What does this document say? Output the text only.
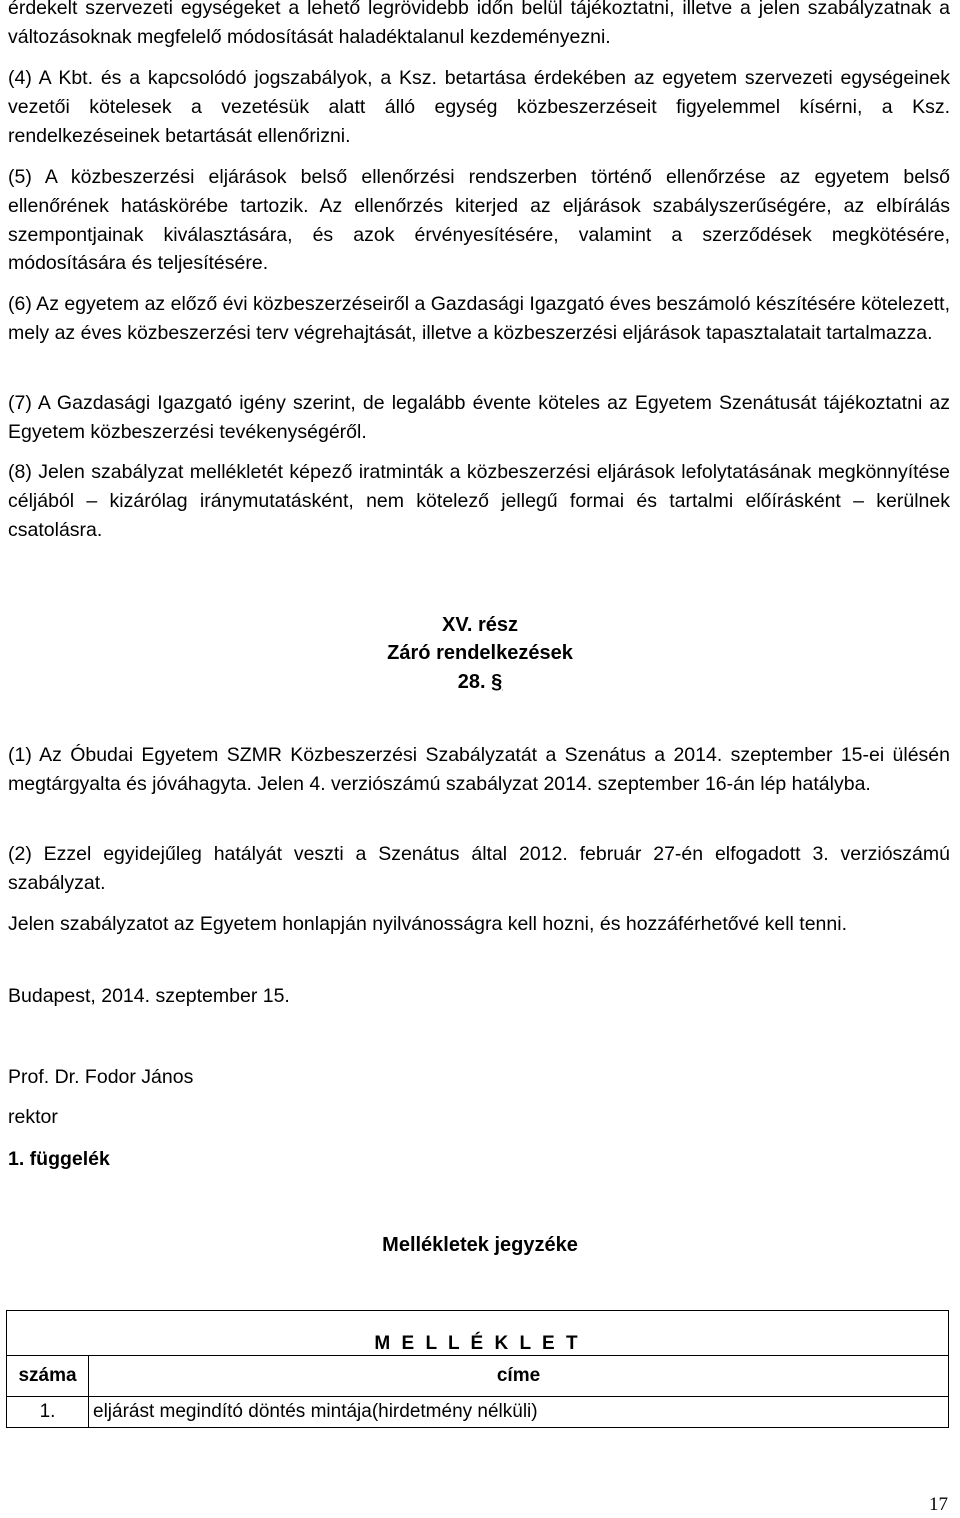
érdekelt szervezeti egységeket a lehető legrövidebb időn belül tájékoztatni, illetve a jelen szabályzatnak a változásoknak megfelelő módosítását haladéktalanul kezdeményezni.

(4) A Kbt. és a kapcsolódó jogszabályok, a Ksz. betartása érdekében az egyetem szervezeti egységeinek vezetői kötelesek a vezetésük alatt álló egység közbeszerzéseit figyelemmel kísérni, a Ksz. rendelkezéseinek betartását ellenőrizni.

(5) A közbeszerzési eljárások belső ellenőrzési rendszerben történő ellenőrzése az egyetem belső ellenőrének hatáskörébe tartozik. Az ellenőrzés kiterjed az eljárások szabályszerűségére, az elbírálás szempontjainak kiválasztására, és azok érvényesítésére, valamint a szerződések megkötésére, módosítására és teljesítésére.

(6) Az egyetem az előző évi közbeszerzéseiről a Gazdasági Igazgató éves beszámoló készítésére kötelezett, mely az éves közbeszerzési terv végrehajtását, illetve a közbeszerzési eljárások tapasztalatait tartalmazza.

(7) A Gazdasági Igazgató igény szerint, de legalább évente köteles az Egyetem Szenátusát tájékoztatni az Egyetem közbeszerzési tevékenységéről.

(8) Jelen szabályzat mellékletét képező iratminták a közbeszerzési eljárások lefolytatásának megkönnyítése céljából – kizárólag iránymutatásként, nem kötelező jellegű formai és tartalmi előírásként – kerülnek csatolásra.

XV. rész

Záró rendelkezések

28. §

(1) Az Óbudai Egyetem SZMR Közbeszerzési Szabályzatát a Szenátus a 2014. szeptember 15-ei ülésén megtárgyalta és jóváhagyta. Jelen 4. verziószámú szabályzat 2014. szeptember 16-án lép hatályba.

(2) Ezzel egyidejűleg hatályát veszti a Szenátus által 2012. február 27-én elfogadott 3. verziószámú szabályzat.

Jelen szabályzatot az Egyetem honlapján nyilvánosságra kell hozni, és hozzáférhetővé kell tenni.

Budapest, 2014. szeptember 15.

Prof. Dr. Fodor János

rektor

1. függelék

Mellékletek jegyzéke

M E L L É K L E T	
száma	címe
1.	eljárást megindító döntés mintája(hirdetmény nélküli)
17
